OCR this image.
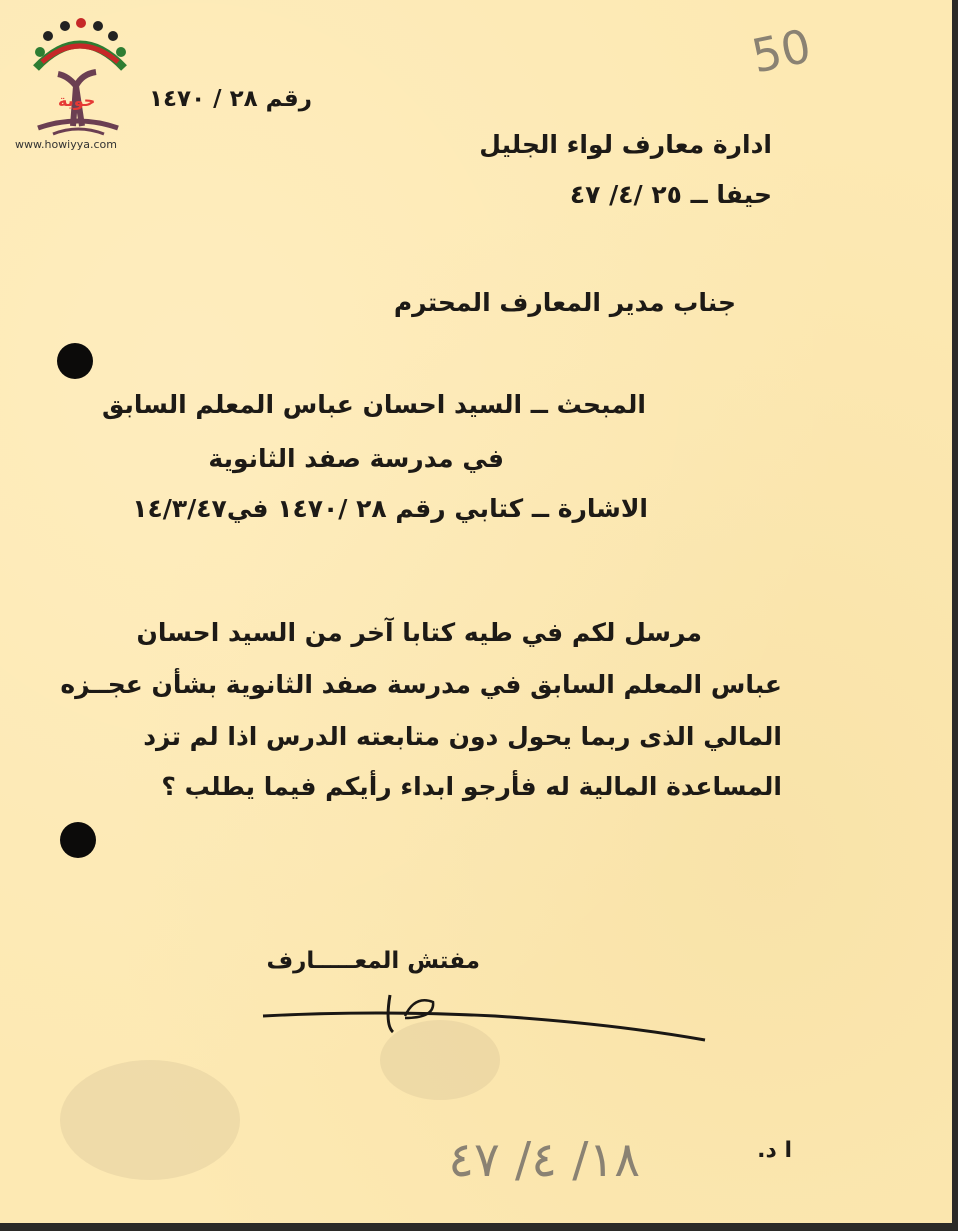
حوية
www.howiyya.com
50
رقم ٢٨ / ١٤٧٠
ادارة معارف لواء الجليل
حيفا ــ ٢٥ /٤/ ٤٧
جناب مدير المعارف المحترم
المبحث ــ السيد احسان عباس المعلم السابق
في مدرسة صفد الثانوية
الاشارة ــ كتابي رقم ٢٨ /١٤٧٠ في١٤/٣/٤٧
مرسل لكم في طيه كتابا آخر من السيد احسان
عباس المعلم السابق في مدرسة صفد الثانوية بشأن عجــزه
المالي الذى ربما يحول دون متابعته الدرس اذا لم تزد
المساعدة المالية له فأرجو ابداء رأيكم فيما يطلب ؟
مفتش المعـــــارف
١٨/ ٤/ ٤٧	ا د.
